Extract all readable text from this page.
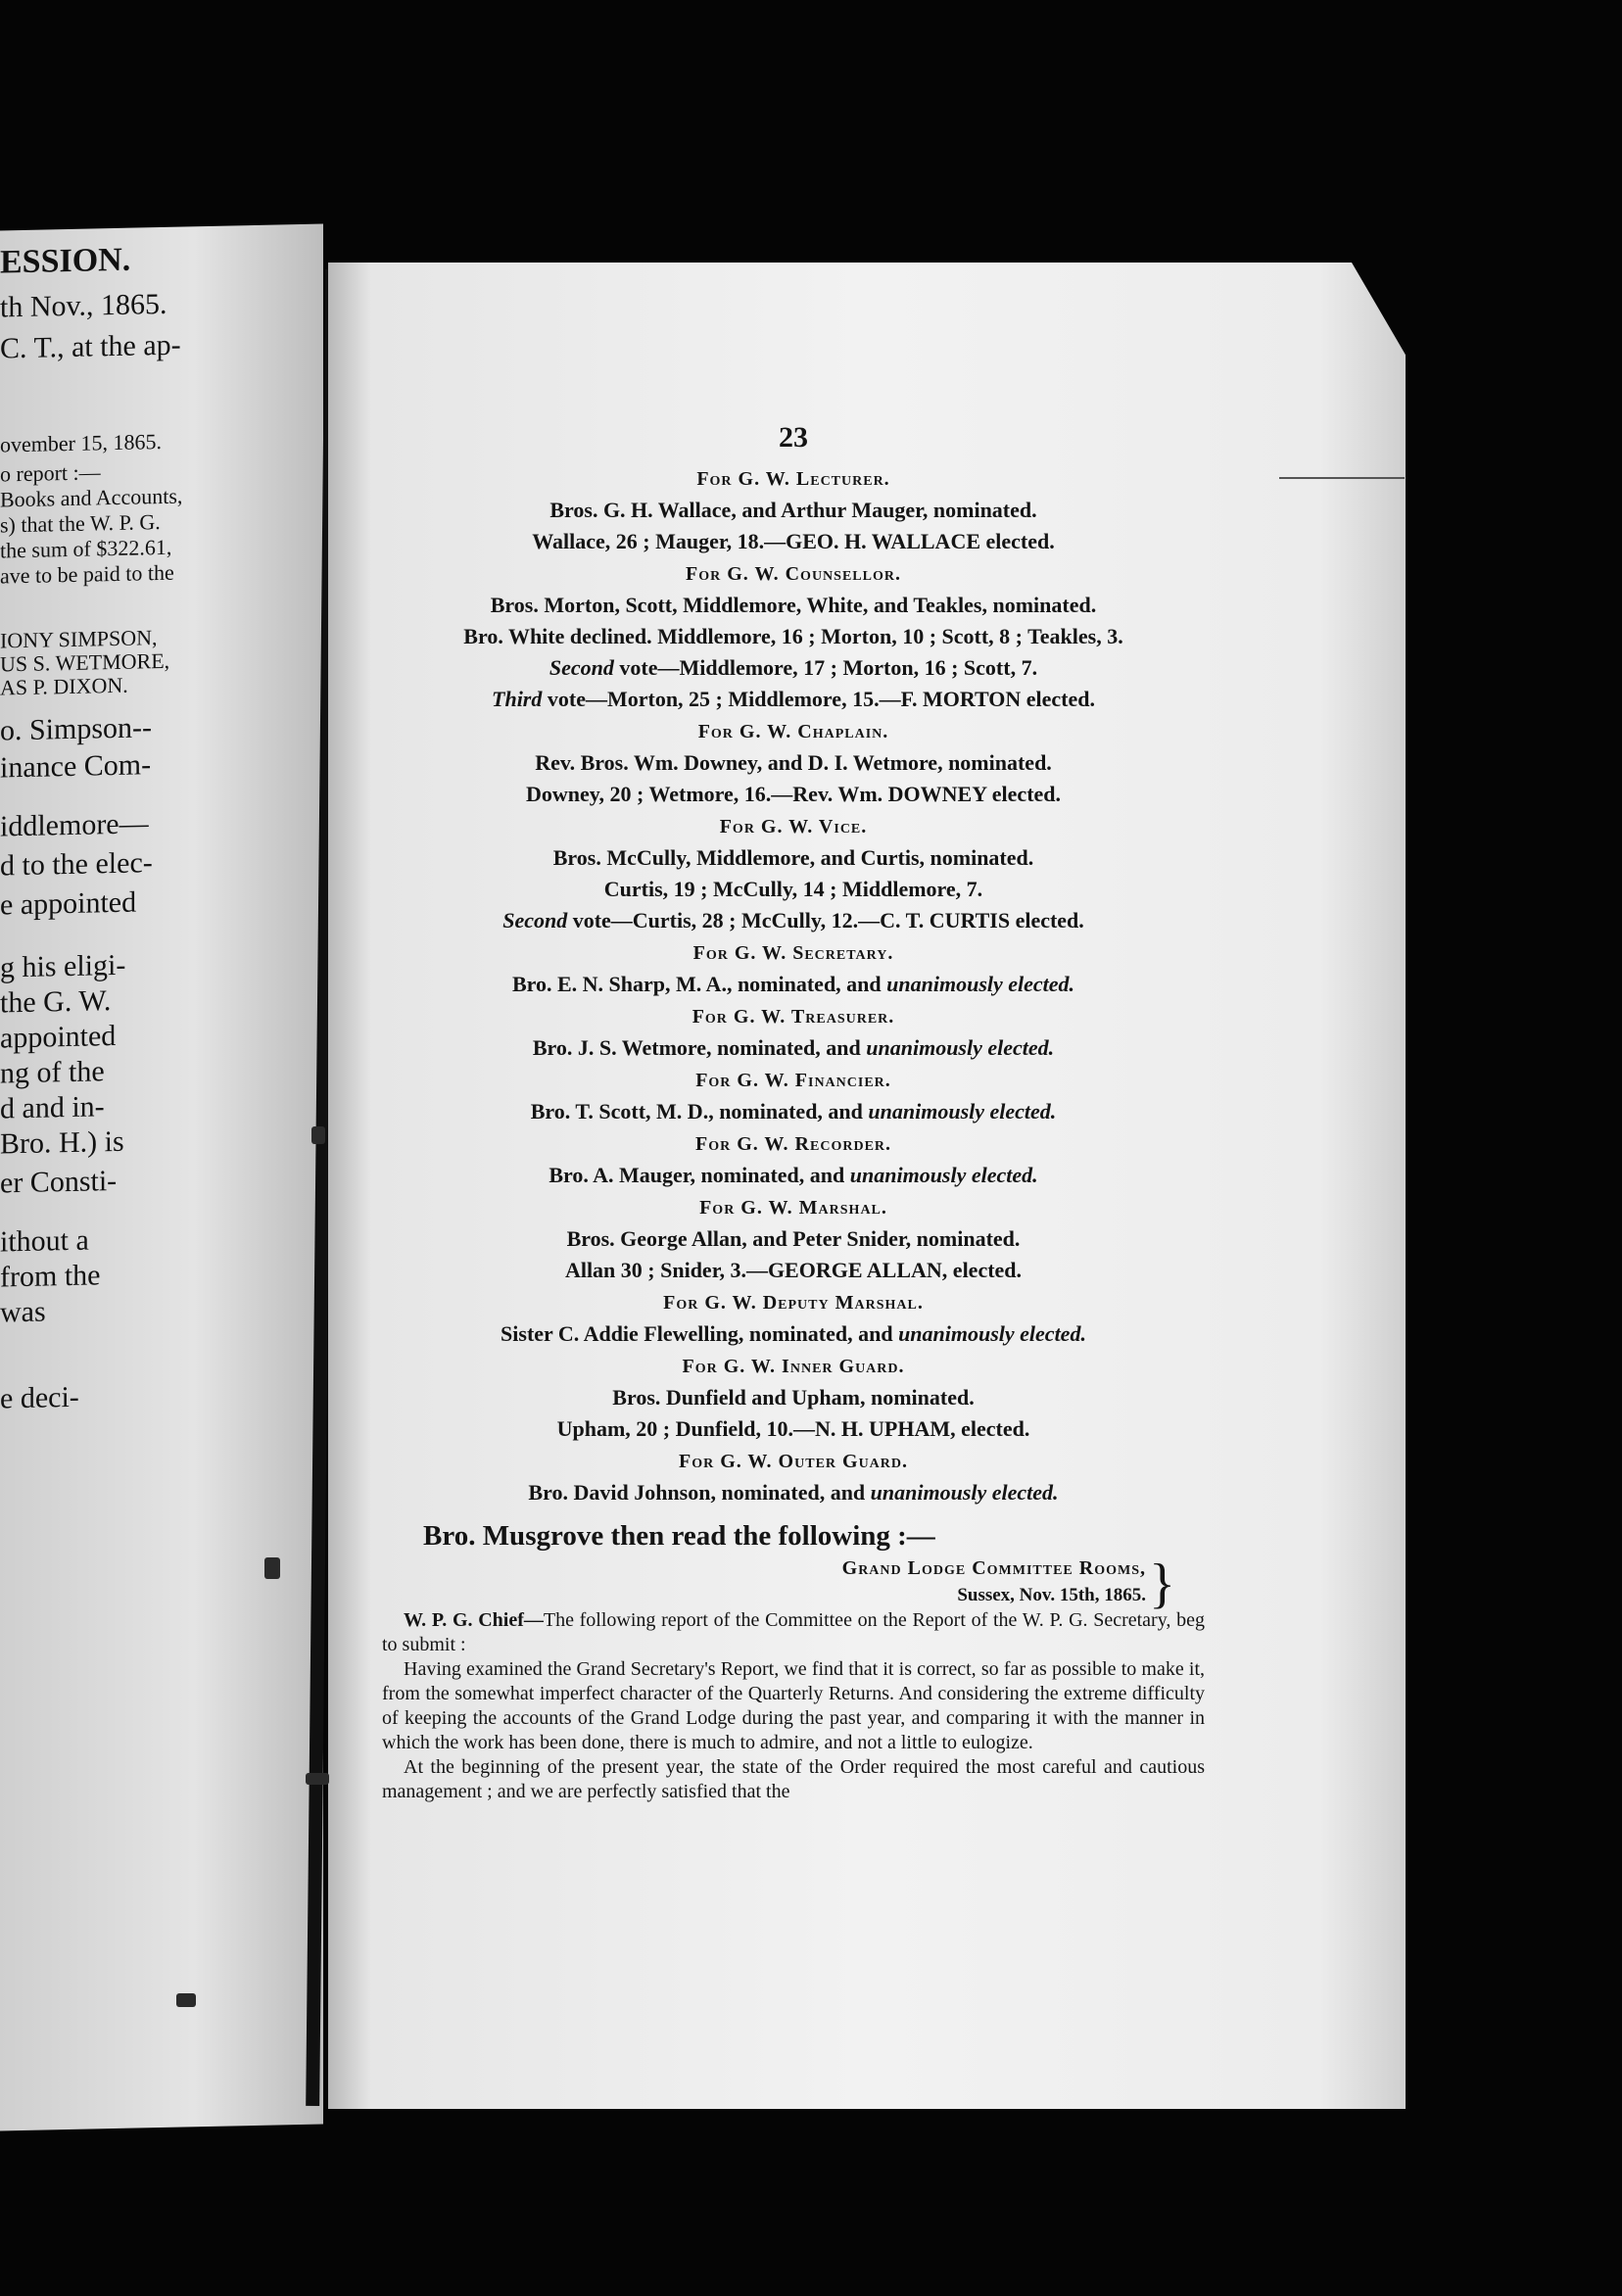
ESSION.
th Nov., 1865.
C. T., at the ap-
ovember 15, 1865.
o report :—
Books and Accounts,
s) that the W. P. G.
the sum of $322.61,
ave to be paid to the
IONY SIMPSON,
US S. WETMORE,
AS P. DIXON.
o. Simpson--
inance Com-
iddlemore—
d to the elec-
e appointed
g his eligi-
the G. W.
appointed
ng of the
d and in-
Bro. H.) is
er Consti-
ithout a
from the
was
e deci-
23
For G. W. Lecturer.
Bros. G. H. Wallace, and Arthur Mauger, nominated.
Wallace, 26 ; Mauger, 18.—GEO. H. WALLACE elected.
For G. W. Counsellor.
Bros. Morton, Scott, Middlemore, White, and Teakles, nominated.
Bro. White declined. Middlemore, 16 ; Morton, 10 ; Scott, 8 ; Teakles, 3.
Second vote—Middlemore, 17 ; Morton, 16 ; Scott, 7.
Third vote—Morton, 25 ; Middlemore, 15.—F. MORTON elected.
For G. W. Chaplain.
Rev. Bros. Wm. Downey, and D. I. Wetmore, nominated.
Downey, 20 ; Wetmore, 16.—Rev. Wm. DOWNEY elected.
For G. W. Vice.
Bros. McCully, Middlemore, and Curtis, nominated.
Curtis, 19 ; McCully, 14 ; Middlemore, 7.
Second vote—Curtis, 28 ; McCully, 12.—C. T. CURTIS elected.
For G. W. Secretary.
Bro. E. N. Sharp, M. A., nominated, and unanimously elected.
For G. W. Treasurer.
Bro. J. S. Wetmore, nominated, and unanimously elected.
For G. W. Financier.
Bro. T. Scott, M. D., nominated, and unanimously elected.
For G. W. Recorder.
Bro. A. Mauger, nominated, and unanimously elected.
For G. W. Marshal.
Bros. George Allan, and Peter Snider, nominated.
Allan 30 ; Snider, 3.—GEORGE ALLAN, elected.
For G. W. Deputy Marshal.
Sister C. Addie Flewelling, nominated, and unanimously elected.
For G. W. Inner Guard.
Bros. Dunfield and Upham, nominated.
Upham, 20 ; Dunfield, 10.—N. H. UPHAM, elected.
For G. W. Outer Guard.
Bro. David Johnson, nominated, and unanimously elected.
Bro. Musgrove then read the following :—
Grand Lodge Committee Rooms,
Sussex, Nov. 15th, 1865. }

W. P. G. Chief—The following report of the Committee on the Report of the W. P. G. Secretary, beg to submit :

Having examined the Grand Secretary's Report, we find that it is correct, so far as possible to make it, from the somewhat imperfect character of the Quarterly Returns. And considering the extreme difficulty of keeping the accounts of the Grand Lodge during the past year, and comparing it with the manner in which the work has been done, there is much to admire, and not a little to eulogize.

At the beginning of the present year, the state of the Order required the most careful and cautious management ; and we are perfectly satisfied that the
